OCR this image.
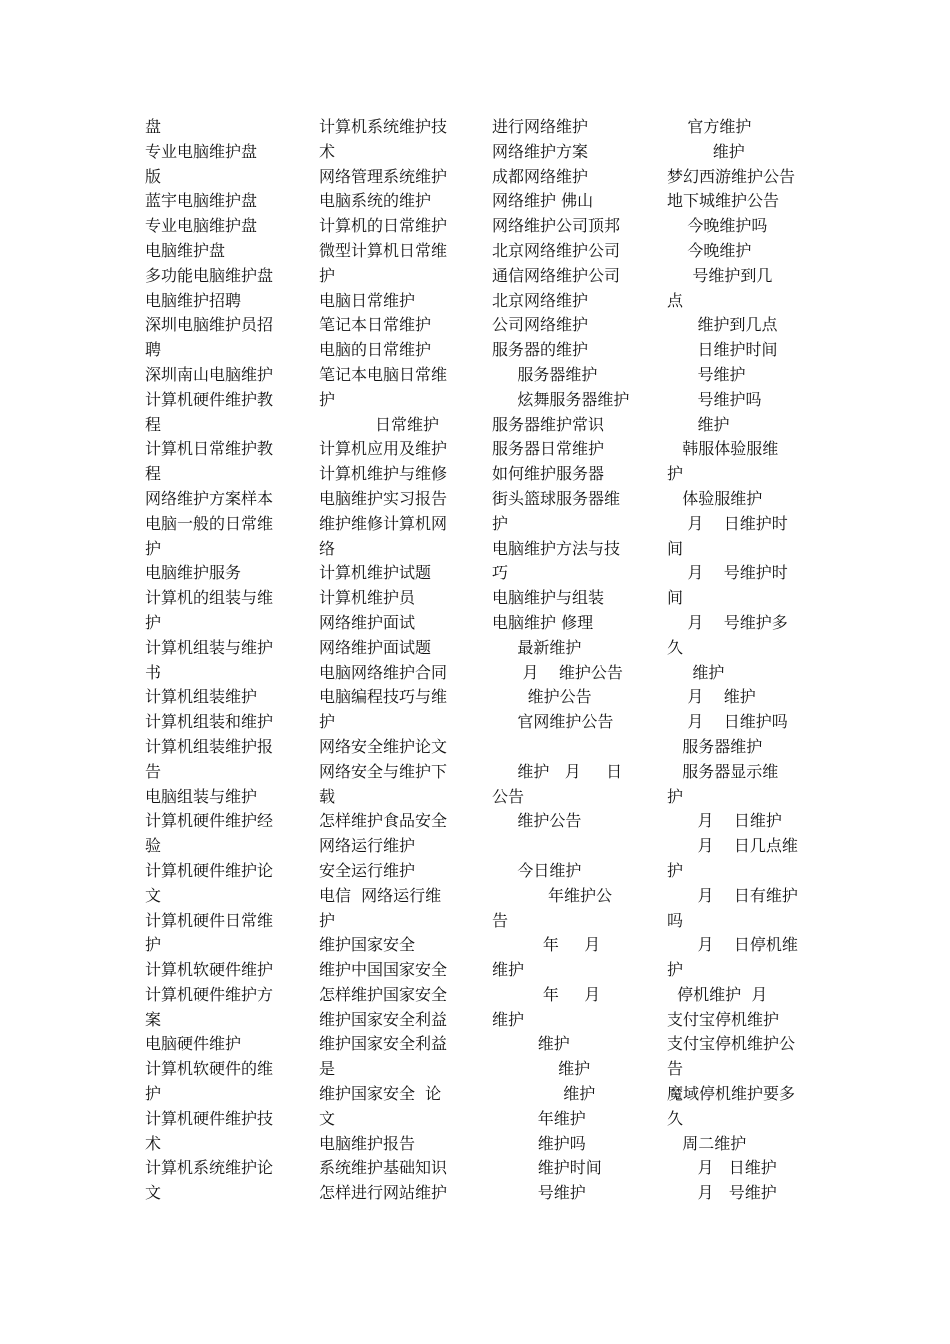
盘
专业电脑维护盘
版
蓝宇电脑维护盘
专业电脑维护盘
电脑维护盘
多功能电脑维护盘
电脑维护招聘
深圳电脑维护员招
聘
深圳南山电脑维护
计算机硬件维护教
程
计算机日常维护教
程
网络维护方案样本
电脑一般的日常维
护
电脑维护服务
计算机的组装与维
护
计算机组装与维护
书
计算机组装维护
计算机组装和维护
计算机组装维护报
告
电脑组装与维护
计算机硬件维护经
验
计算机硬件维护论
文
计算机硬件日常维
护
计算机软硬件维护
计算机硬件维护方
案
电脑硬件维护
计算机软硬件的维
护
计算机硬件维护技
术
计算机系统维护论
文
计算机系统维护技
术
网络管理系统维护
电脑系统的维护
计算机的日常维护
微型计算机日常维
护
电脑日常维护
笔记本日常维护
电脑的日常维护
笔记本电脑日常维
护
日常维护
计算机应用及维护
计算机维护与维修
电脑维护实习报告
维护维修计算机网
络
计算机维护试题
计算机维护员
网络维护面试
网络维护面试题
电脑网络维护合同
电脑编程技巧与维
护
网络安全维护论文
网络安全与维护下
载
怎样维护食品安全
网络运行维护
安全运行维护
电信  网络运行维
护
维护国家安全
维护中国国家安全
怎样维护国家安全
维护国家安全利益
维护国家安全利益
是
维护国家安全  论
文
电脑维护报告
系统维护基础知识
怎样进行网站维护
进行网络维护
网络维护方案
成都网络维护
网络维护 佛山
网络维护公司顶邦
北京网络维护公司
通信网络维护公司
北京网络维护
公司网络维护
服务器的维护
服务器维护
炫舞服务器维护
服务器维护常识
服务器日常维护
如何维护服务器
街头篮球服务器维
护
电脑维护方法与技
巧
电脑维护与组装
电脑维护 修理
最新维护
月    维护公告
维护公告
官网维护公告
维护   月     日
公告
维护公告
今日维护
年维护公
告
年     月
维护
年     月
维护
维护
维护
维护
年维护
维护吗
维护时间
号维护
官方维护
维护
梦幻西游维护公告
地下城维护公告
今晚维护吗
今晚维护
号维护到几
点
维护到几点
日维护时间
号维护
号维护吗
维护
韩服体验服维
护
体验服维护
月    日维护时
间
月    号维护时
间
月    号维护多
久
维护
月    维护
月    日维护吗
服务器维护
服务器显示维
护
月    日维护
月    日几点维
护
月    日有维护
吗
月    日停机维
护
停机维护  月
支付宝停机维护
支付宝停机维护公
告
魔域停机维护要多
久
周二维护
月   日维护
月   号维护
